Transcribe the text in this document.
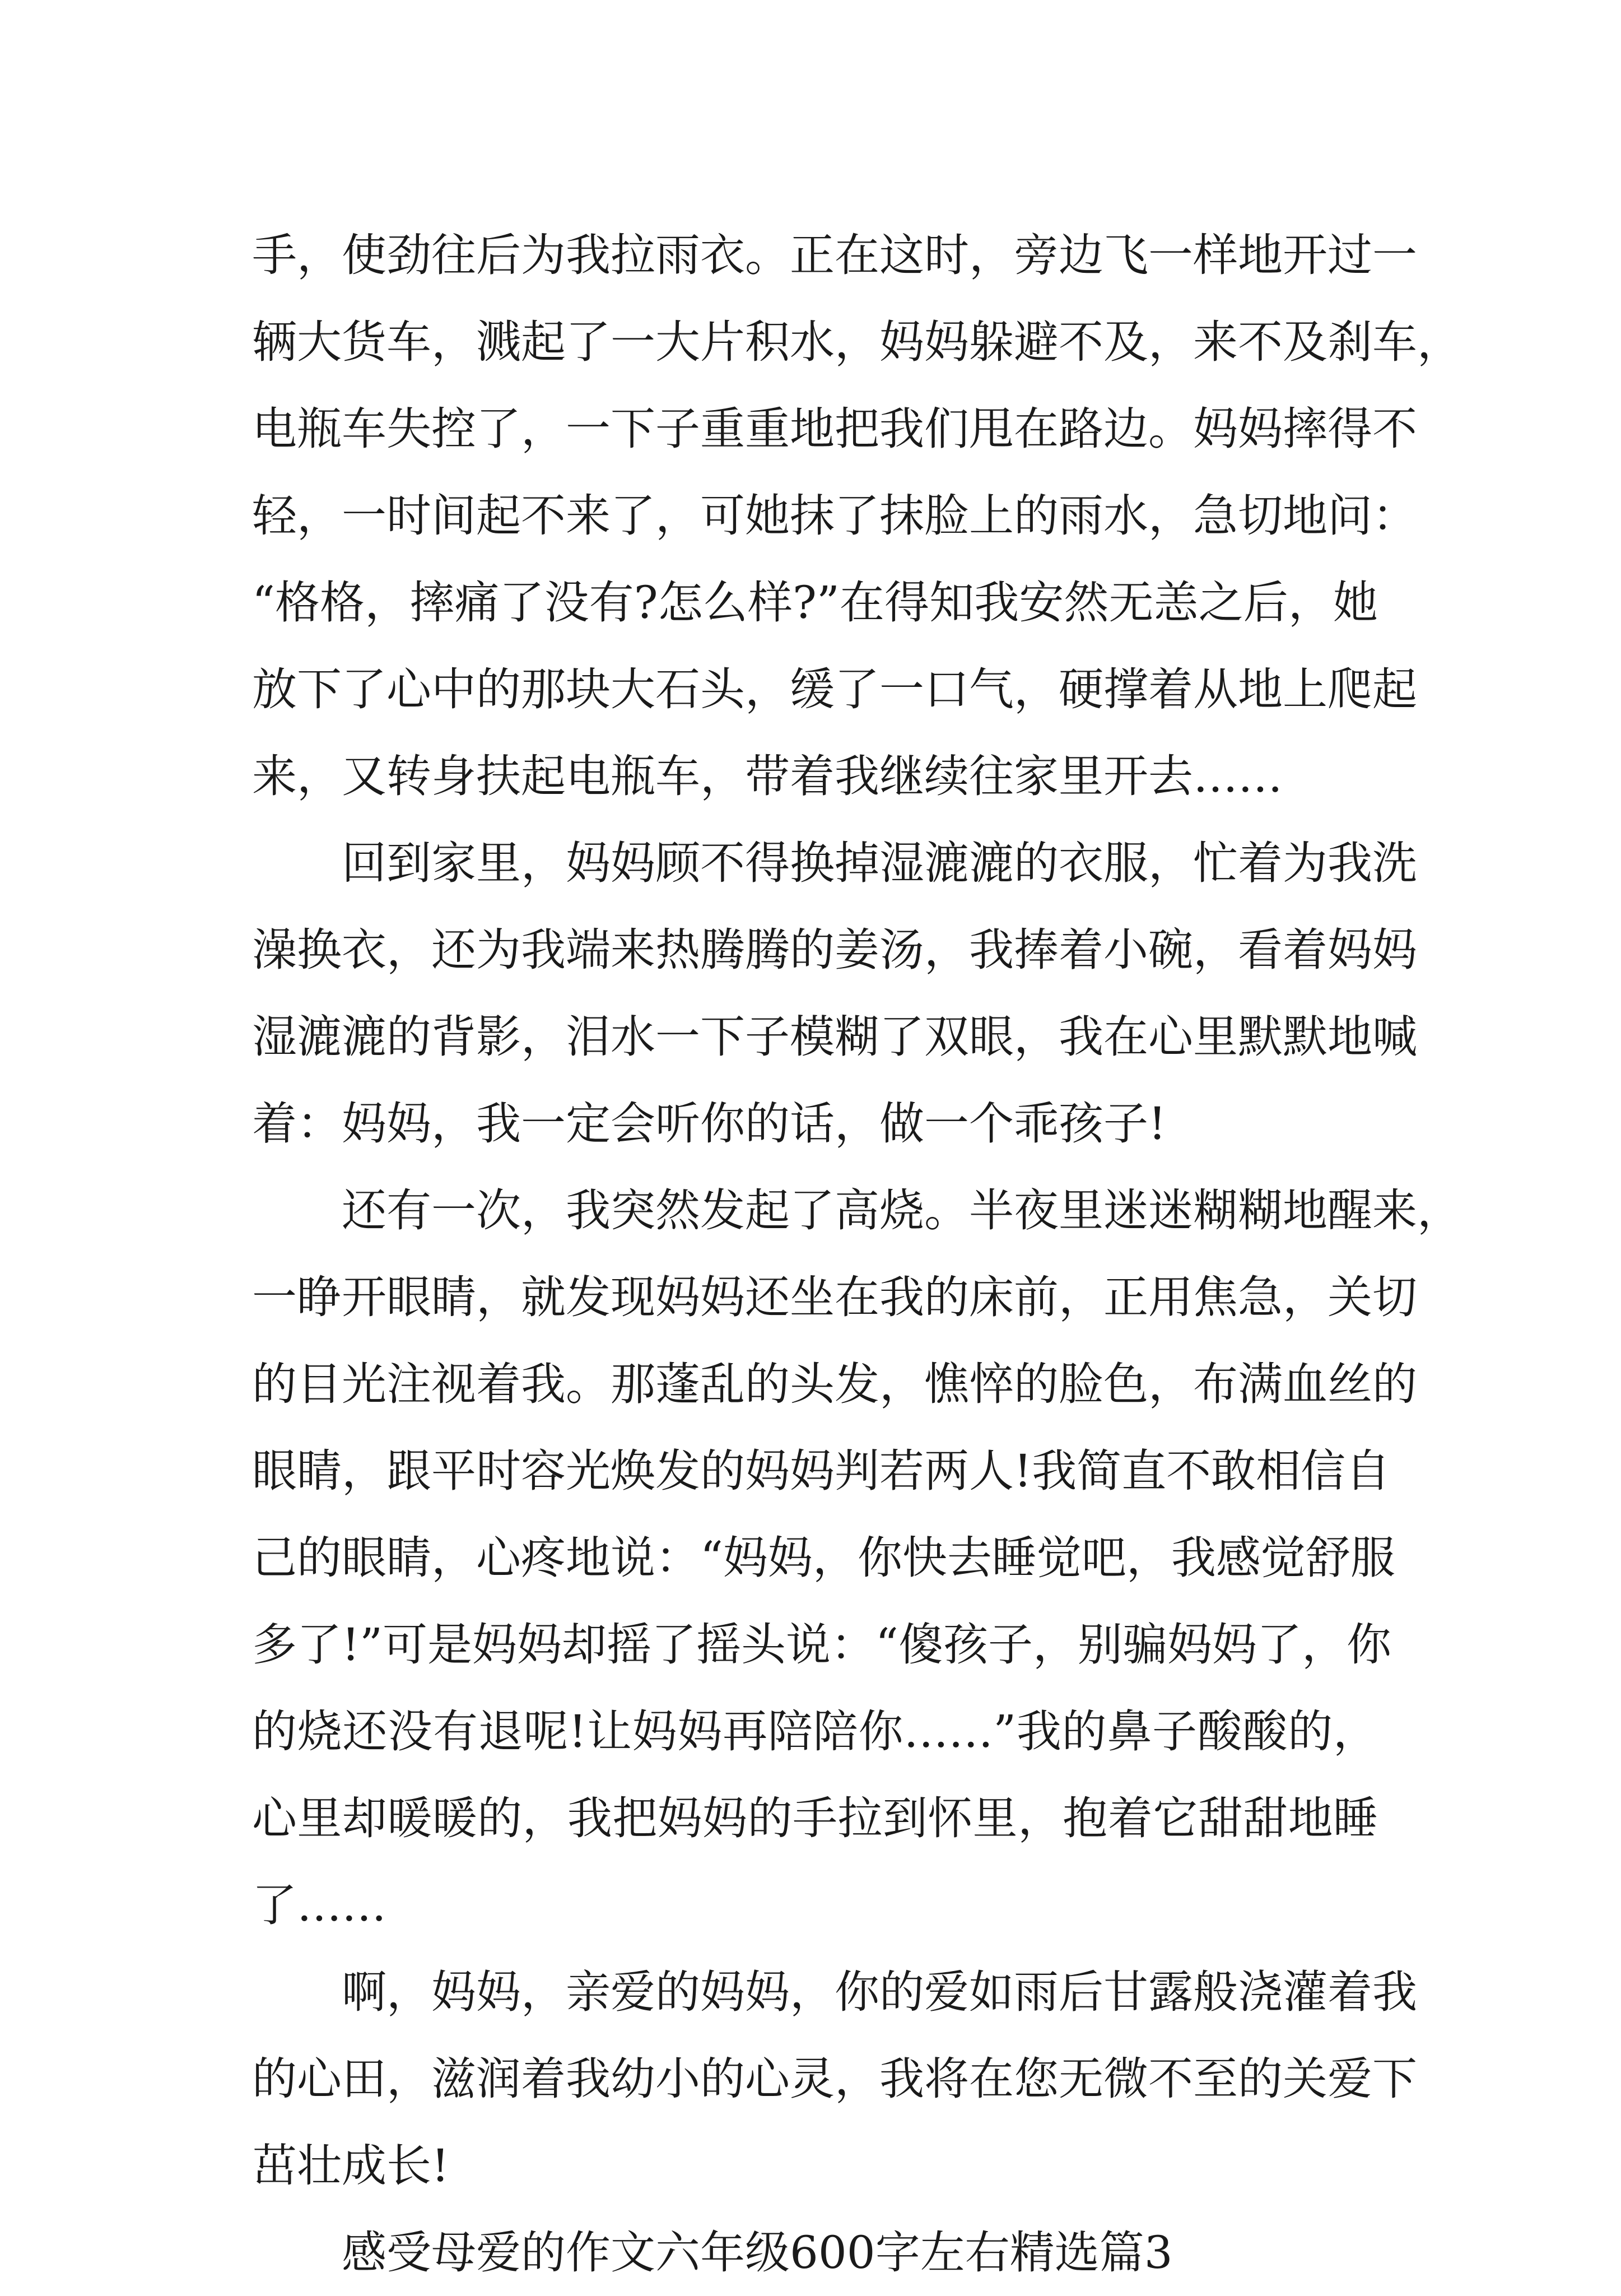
手，使劲往后为我拉雨衣。正在这时，旁边飞一样地开过一
辆大货车，溅起了一大片积水，妈妈躲避不及，来不及刹车，
电瓶车失控了，一下子重重地把我们甩在路边。妈妈摔得不
轻，一时间起不来了，可她抹了抹脸上的雨水，急切地问：
“格格，摔痛了没有?怎么样?”在得知我安然无恙之后，她
放下了心中的那块大石头，缓了一口气，硬撑着从地上爬起
来，又转身扶起电瓶车，带着我继续往家里开去……
回到家里，妈妈顾不得换掉湿漉漉的衣服，忙着为我洗
澡换衣，还为我端来热腾腾的姜汤，我捧着小碗，看着妈妈
湿漉漉的背影，泪水一下子模糊了双眼，我在心里默默地喊
着：妈妈，我一定会听你的话，做一个乖孩子!
还有一次，我突然发起了高烧。半夜里迷迷糊糊地醒来，
一睁开眼睛，就发现妈妈还坐在我的床前，正用焦急，关切
的目光注视着我。那蓬乱的头发，憔悴的脸色，布满血丝的
眼睛，跟平时容光焕发的妈妈判若两人!我简直不敢相信自
己的眼睛，心疼地说：“妈妈，你快去睡觉吧，我感觉舒服
多了!”可是妈妈却摇了摇头说：“傻孩子，别骗妈妈了，你
的烧还没有退呢!让妈妈再陪陪你……”我的鼻子酸酸的，
心里却暖暖的，我把妈妈的手拉到怀里，抱着它甜甜地睡
了……
啊，妈妈，亲爱的妈妈，你的爱如雨后甘露般浇灌着我
的心田，滋润着我幼小的心灵，我将在您无微不至的关爱下
茁壮成长!
感受母爱的作文六年级600字左右精选篇3
